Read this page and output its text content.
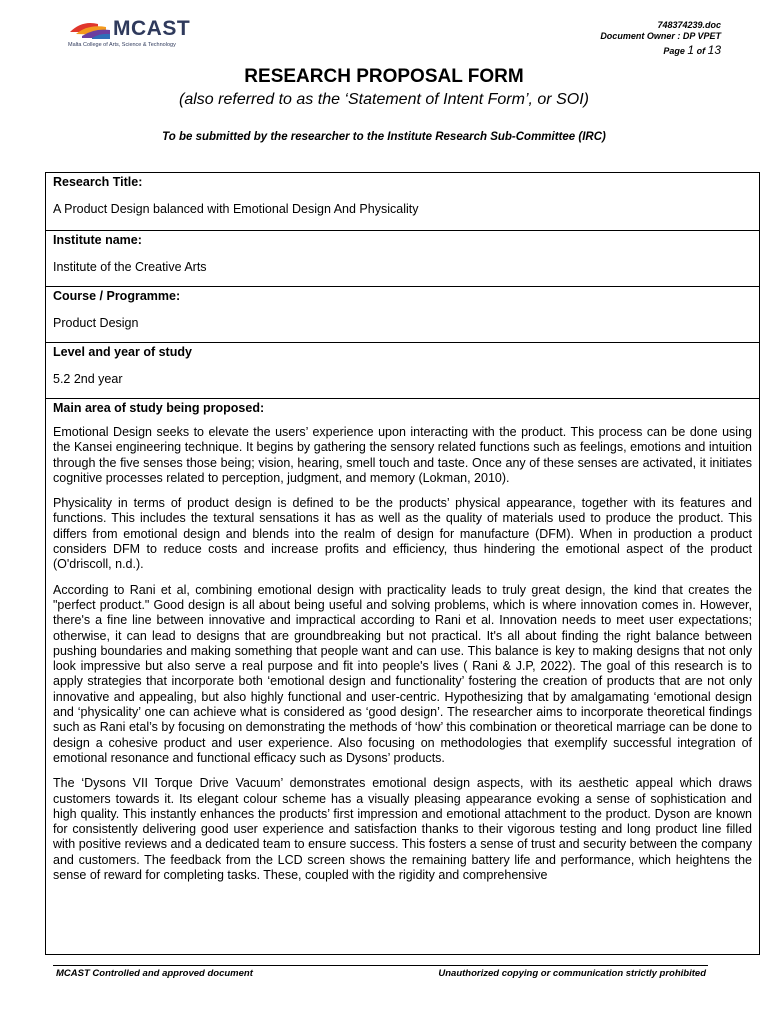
MCAST
Malta College of Arts, Science & Technology
748374239.doc
Document Owner : DP VPET
Page 1 of 13
RESEARCH PROPOSAL FORM
(also referred to as the ‘Statement of Intent Form’, or SOI)
To be submitted by the researcher to the Institute Research Sub-Committee (IRC)
Research Title:
A Product Design balanced with Emotional Design And Physicality
Institute name:
Institute of the Creative Arts
Course / Programme:
Product Design
Level and year of study
5.2 2nd year
Main area of study being proposed:

Emotional Design seeks to elevate the users’ experience upon interacting with the product. This process can be done using the Kansei engineering technique. It begins by gathering the sensory related functions such as feelings, emotions and intuition through the five senses those being; vision, hearing, smell touch and taste. Once any of these senses are activated, it initiates cognitive processes related to perception, judgment, and memory (Lokman, 2010).

Physicality in terms of product design is defined to be the products’ physical appearance, together with its features and functions. This includes the textural sensations it has as well as the quality of materials used to produce the product. This differs from emotional design and blends into the realm of design for manufacture (DFM). When in production a product considers DFM to reduce costs and increase profits and efficiency, thus hindering the emotional aspect of the product (O'driscoll, n.d.).

According to Rani et al, combining emotional design with practicality leads to truly great design, the kind that creates the "perfect product." Good design is all about being useful and solving problems, which is where innovation comes in. However, there's a fine line between innovative and impractical according to Rani et al. Innovation needs to meet user expectations; otherwise, it can lead to designs that are groundbreaking but not practical. It's all about finding the right balance between pushing boundaries and making something that people want and can use. This balance is key to making designs that not only look impressive but also serve a real purpose and fit into people's lives ( Rani & J.P, 2022). The goal of this research is to apply strategies that incorporate both ‘emotional design and functionality’ fostering the creation of products that are not only innovative and appealing, but also highly functional and user-centric. Hypothesizing that by amalgamating ‘emotional design and ‘physicality’ one can achieve what is considered as ‘good design’. The researcher aims to incorporate theoretical findings such as Rani etal’s by focusing on demonstrating the methods of ‘how’ this combination or theoretical marriage can be done to design a cohesive product and user experience. Also focusing on methodologies that exemplify successful integration of emotional resonance and functional efficacy such as Dysons’ products.

The ‘Dysons VII Torque Drive Vacuum’ demonstrates emotional design aspects, with its aesthetic appeal which draws customers towards it. Its elegant colour scheme has a visually pleasing appearance evoking a sense of sophistication and high quality. This instantly enhances the products’ first impression and emotional attachment to the product. Dyson are known for consistently delivering good user experience and satisfaction thanks to their vigorous testing and long product line filled with positive reviews and a dedicated team to ensure success. This fosters a sense of trust and security between the company and customers. The feedback from the LCD screen shows the remaining battery life and performance, which heightens the sense of reward for completing tasks. These, coupled with the rigidity and comprehensive

MCAST Controlled and approved document	Unauthorized copying or communication strictly prohibited
